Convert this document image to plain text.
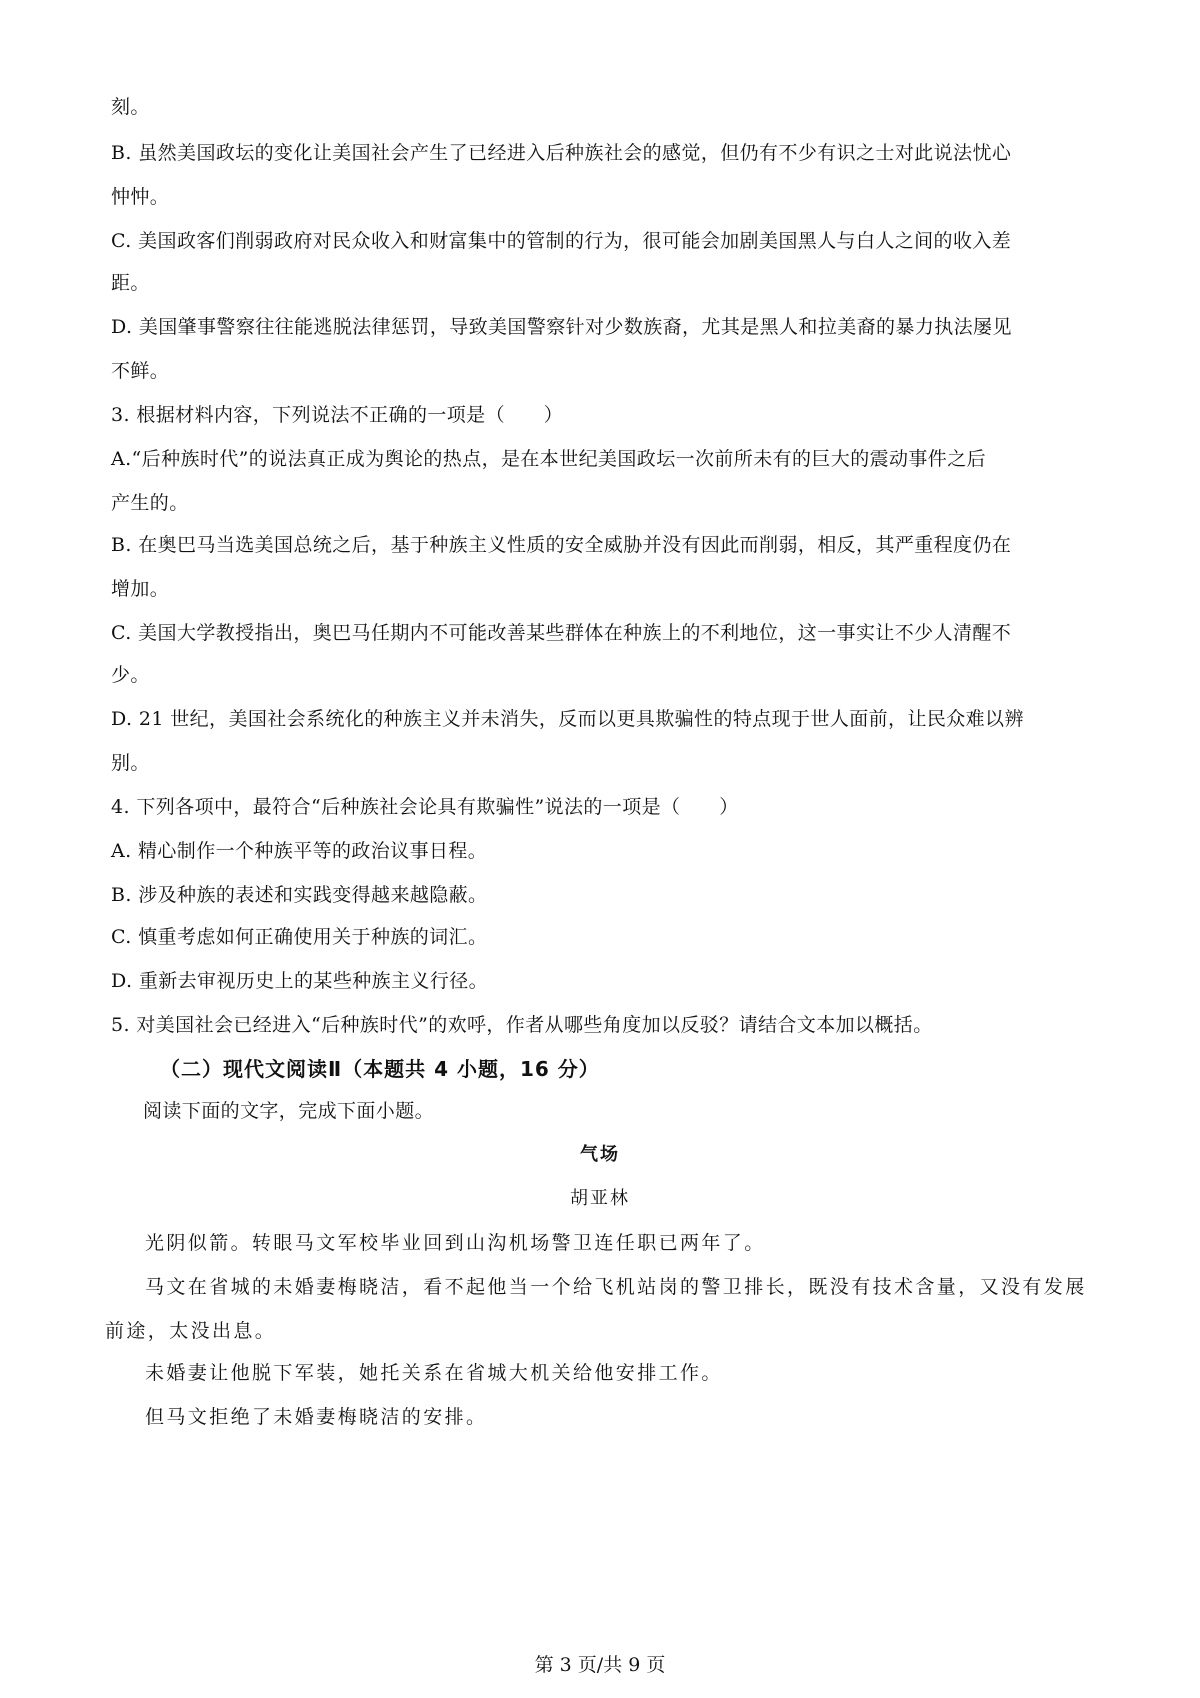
刻。
B. 虽然美国政坛的变化让美国社会产生了已经进入后种族社会的感觉，但仍有不少有识之士对此说法忧心
忡忡。
C. 美国政客们削弱政府对民众收入和财富集中的管制的行为，很可能会加剧美国黑人与白人之间的收入差
距。
D. 美国肇事警察往往能逃脱法律惩罚，导致美国警察针对少数族裔，尤其是黑人和拉美裔的暴力执法屡见
不鲜。
3. 根据材料内容，下列说法不正确的一项是（　　）
A.“后种族时代”的说法真正成为舆论的热点，是在本世纪美国政坛一次前所未有的巨大的震动事件之后
产生的。
B. 在奥巴马当选美国总统之后，基于种族主义性质的安全威胁并没有因此而削弱，相反，其严重程度仍在
增加。
C. 美国大学教授指出，奥巴马任期内不可能改善某些群体在种族上的不利地位，这一事实让不少人清醒不
少。
D. 21 世纪，美国社会系统化的种族主义并未消失，反而以更具欺骗性的特点现于世人面前，让民众难以辨
别。
4. 下列各项中，最符合“后种族社会论具有欺骗性”说法的一项是（　　）
A. 精心制作一个种族平等的政治议事日程。
B. 涉及种族的表述和实践变得越来越隐蔽。
C. 慎重考虑如何正确使用关于种族的词汇。
D. 重新去审视历史上的某些种族主义行径。
5. 对美国社会已经进入“后种族时代”的欢呼，作者从哪些角度加以反驳？请结合文本加以概括。
（二）现代文阅读Ⅱ（本题共 4 小题，16 分）
阅读下面的文字，完成下面小题。
气场
胡亚林
光阴似箭。转眼马文军校毕业回到山沟机场警卫连任职已两年了。
马文在省城的未婚妻梅晓洁，看不起他当一个给飞机站岗的警卫排长，既没有技术含量，又没有发展
前途，太没出息。
未婚妻让他脱下军装，她托关系在省城大机关给他安排工作。
但马文拒绝了未婚妻梅晓洁的安排。
第 3 页/共 9 页
